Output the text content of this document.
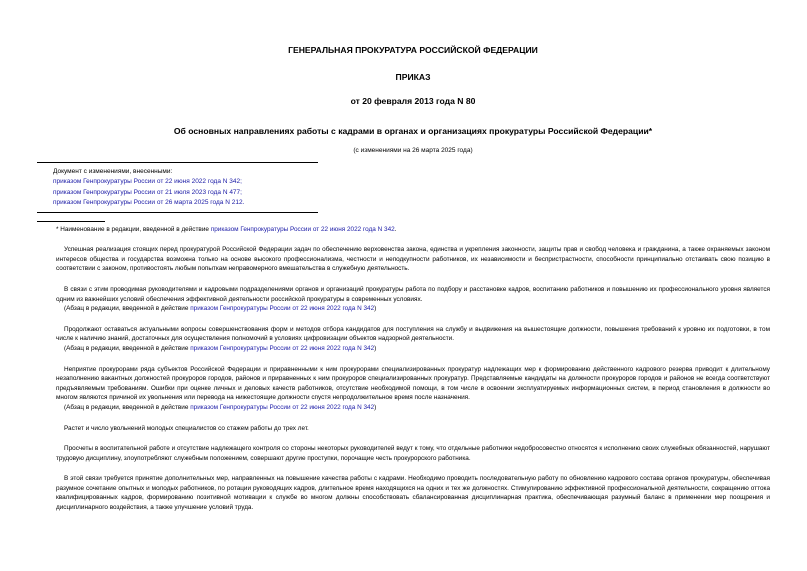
ГЕНЕРАЛЬНАЯ ПРОКУРАТУРА РОССИЙСКОЙ ФЕДЕРАЦИИ
ПРИКАЗ
от 20 февраля 2013 года N 80
Об основных направлениях работы с кадрами в органах и организациях прокуратуры Российской Федерации*
(с изменениями на 26 марта 2025 года)
Документ с изменениями, внесенными:
приказом Генпрокуратуры России от 22 июня 2022 года N 342;
приказом Генпрокуратуры России от 21 июля 2023 года N 477;
приказом Генпрокуратуры России от 26 марта 2025 года N 212.
* Наименование в редакции, введенной в действие приказом Генпрокуратуры России от 22 июня 2022 года N 342.

Успешная реализация стоящих перед прокуратурой Российской Федерации задач по обеспечению верховенства закона, единства и укрепления законности, защиты прав и свобод человека и гражданина, а также охраняемых законом интересов общества и государства возможна только на основе высокого профессионализма, честности и неподкупности работников, их независимости и беспристрастности, способности принципиально отстаивать свою позицию в соответствии с законом, противостоять любым попыткам неправомерного вмешательства в служебную деятельность.

В связи с этим проводимая руководителями и кадровыми подразделениями органов и организаций прокуратуры работа по подбору и расстановке кадров, воспитанию работников и повышению их профессионального уровня является одним из важнейших условий обеспечения эффективной деятельности российской прокуратуры в современных условиях.

(Абзац в редакции, введенной в действие приказом Генпрокуратуры России от 22 июня 2022 года N 342)

Продолжают оставаться актуальными вопросы совершенствования форм и методов отбора кандидатов для поступления на службу и выдвижения на вышестоящие должности, повышения требований к уровню их подготовки, в том числе к наличию знаний, достаточных для осуществления полномочий в условиях цифровизации объектов надзорной деятельности.

(Абзац в редакции, введенной в действие приказом Генпрокуратуры России от 22 июня 2022 года N 342)

Неприятие прокурорами ряда субъектов Российской Федерации и приравненными к ним прокурорами специализированных прокуратур надлежащих мер к формированию действенного кадрового резерва приводит к длительному незаполнению вакантных должностей прокуроров городов, районов и приравненных к ним прокуроров специализированных прокуратур. Представляемые кандидаты на должности прокуроров городов и районов не всегда соответствуют предъявляемым требованиям. Ошибки при оценке личных и деловых качеств работников, отсутствие необходимой помощи, в том числе в освоении эксплуатируемых информационных систем, в период становления в должности во многом являются причиной их увольнения или перевода на нижестоящие должности спустя непродолжительное время после назначения.

(Абзац в редакции, введенной в действие приказом Генпрокуратуры России от 22 июня 2022 года N 342)

Растет и число увольнений молодых специалистов со стажем работы до трех лет.

Просчеты в воспитательной работе и отсутствие надлежащего контроля со стороны некоторых руководителей ведут к тому, что отдельные работники недобросовестно относятся к исполнению своих служебных обязанностей, нарушают трудовую дисциплину, злоупотребляют служебным положением, совершают другие проступки, порочащие честь прокурорского работника.

В этой связи требуется принятие дополнительных мер, направленных на повышение качества работы с кадрами. Необходимо проводить последовательную работу по обновлению кадрового состава органов прокуратуры, обеспечивая разумное сочетание опытных и молодых работников, по ротации руководящих кадров, длительное время находящихся на одних и тех же должностях. Стимулированию эффективной профессиональной деятельности, сокращению оттока квалифицированных кадров, формированию позитивной мотивации к службе во многом должны способствовать сбалансированная дисциплинарная практика, обеспечивающая разумный баланс в применении мер поощрения и дисциплинарного воздействия, а также улучшение условий труда.
